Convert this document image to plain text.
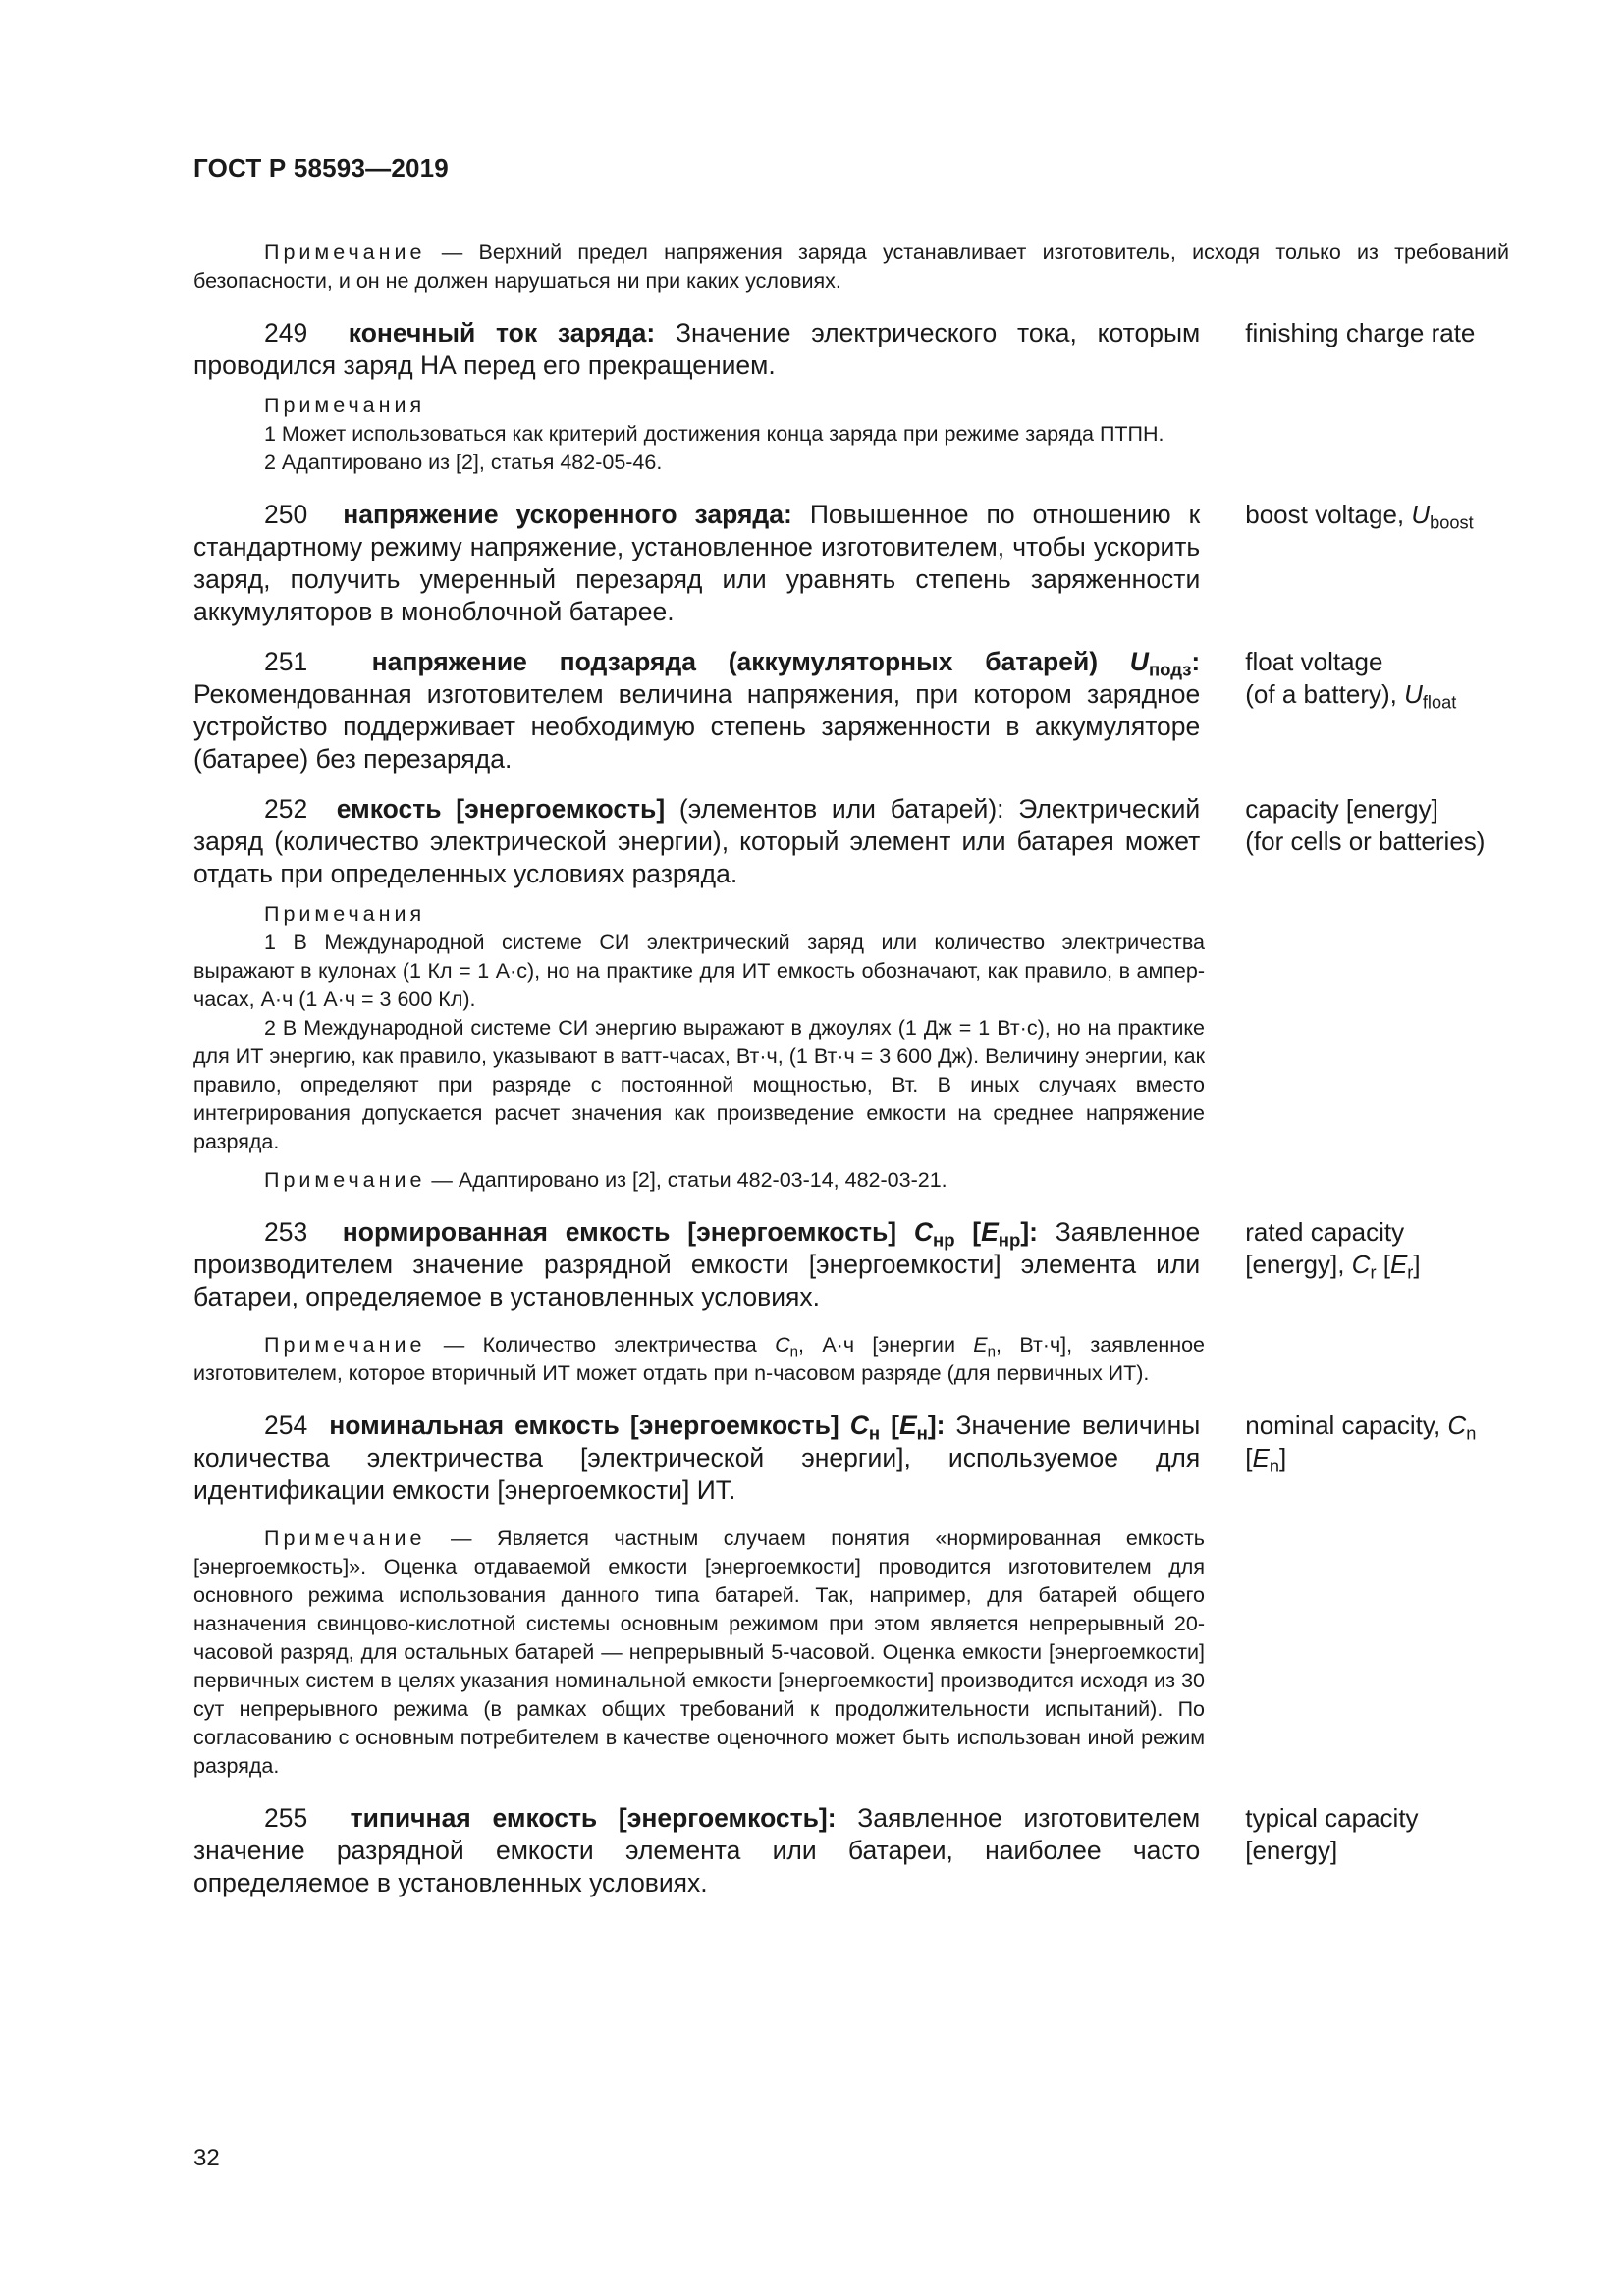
ГОСТ Р 58593—2019
Примечание — Верхний предел напряжения заряда устанавливает изготовитель, исходя только из требований безопасности, и он не должен нарушаться ни при каких условиях.
249 конечный ток заряда: Значение электрического тока, которым проводился заряд НА перед его прекращением.
finishing charge rate
Примечания
1 Может использоваться как критерий достижения конца заряда при режиме заряда ПТПН.
2 Адаптировано из [2], статья 482-05-46.
250 напряжение ускоренного заряда: Повышенное по отношению к стандартному режиму напряжение, установленное изготовителем, чтобы ускорить заряд, получить умеренный перезаряд или уравнять степень заряженности аккумуляторов в моноблочной батарее.
boost voltage, $U_{boost}$
251 напряжение подзаряда (аккумуляторных батарей) $U_{подз}$: Рекомендованная изготовителем величина напряжения, при котором зарядное устройство поддерживает необходимую степень заряженности в аккумуляторе (батарее) без перезаряда.
float voltage
(of a battery), $U_{float}$
252 емкость [энергоемкость] (элементов или батарей): Электрический заряд (количество электрической энергии), который элемент или батарея может отдать при определенных условиях разряда.
capacity [energy]
(for cells or batteries)
Примечания
1 В Международной системе СИ электрический заряд или количество электричества выражают в кулонах (1 Кл = 1 А·с), но на практике для ИТ емкость обозначают, как правило, в ампер-часах, А·ч (1 А·ч = 3 600 Кл).
2 В Международной системе СИ энергию выражают в джоулях (1 Дж = 1 Вт·с), но на практике для ИТ энергию, как правило, указывают в ватт-часах, Вт·ч, (1 Вт·ч = 3 600 Дж). Величину энергии, как правило, определяют при разряде с постоянной мощностью, Вт. В иных случаях вместо интегрирования допускается расчет значения как произведение емкости на среднее напряжение разряда.
Примечание — Адаптировано из [2], статьи 482-03-14, 482-03-21.
253 нормированная емкость [энергоемкость] $C_{нр}$ $[E_{нр}]$: Заявленное производителем значение разрядной емкости [энергоемкости] элемента или батареи, определяемое в установленных условиях.
rated capacity
[energy], $C_r$ $[E_r]$
Примечание — Количество электричества $C_n$, А·ч [энергии $E_n$, Вт·ч], заявленное изготовителем, которое вторичный ИТ может отдать при n-часовом разряде (для первичных ИТ).
254 номинальная емкость [энергоемкость] $C_н$ $[E_н]$: Значение величины количества электричества [электрической энергии], используемое для идентификации емкости [энергоемкости] ИТ.
nominal capacity, $C_n$
$[E_n]$
Примечание — Является частным случаем понятия «нормированная емкость [энергоемкость]». Оценка отдаваемой емкости [энергоемкости] проводится изготовителем для основного режима использования данного типа батарей. Так, например, для батарей общего назначения свинцово-кислотной системы основным режимом при этом является непрерывный 20-часовой разряд, для остальных батарей — непрерывный 5-часовой. Оценка емкости [энергоемкости] первичных систем в целях указания номинальной емкости [энергоемкости] производится исходя из 30 сут непрерывного режима (в рамках общих требований к продолжительности испытаний). По согласованию с основным потребителем в качестве оценочного может быть использован иной режим разряда.
255 типичная емкость [энергоемкость]: Заявленное изготовителем значение разрядной емкости элемента или батареи, наиболее часто определяемое в установленных условиях.
typical capacity
[energy]
32
